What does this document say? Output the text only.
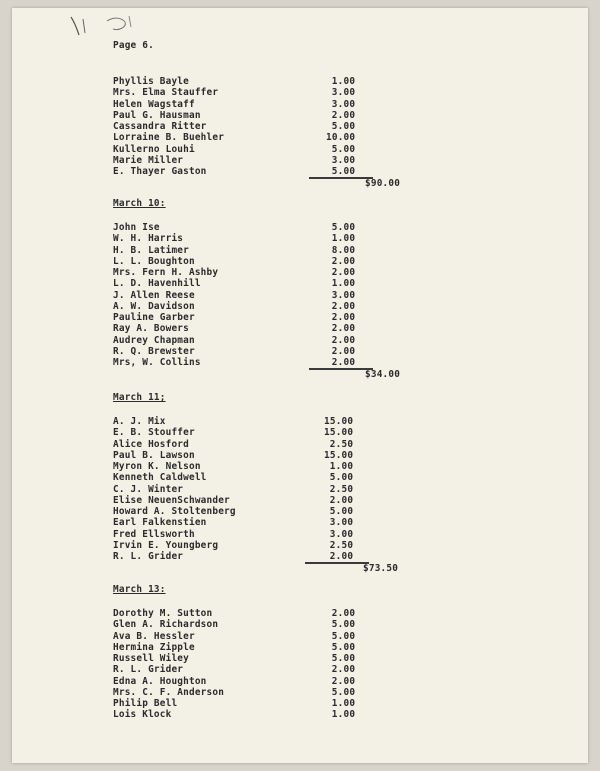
Page 6.
Phyllis Bayle	1.00
Mrs. Elma Stauffer	3.00
Helen Wagstaff	3.00
Paul G. Hausman	2.00
Cassandra Ritter	5.00
Lorraine B. Buehler	10.00
Kullerno Louhi	5.00
Marie Miller	3.00
E. Thayer Gaston	5.00
$90.00
March 10:
John Ise	5.00
W. H. Harris	1.00
H. B. Latimer	8.00
L. L. Boughton	2.00
Mrs. Fern H. Ashby	2.00
L. D. Havenhill	1.00
J. Allen Reese	3.00
A. W. Davidson	2.00
Pauline Garber	2.00
Ray A. Bowers	2.00
Audrey Chapman	2.00
R. Q. Brewster	2.00
Mrs, W. Collins	2.00
$34.00
March 11;
A. J. Mix	15.00
E. B. Stouffer	15.00
Alice Hosford	2.50
Paul B. Lawson	15.00
Myron K. Nelson	1.00
Kenneth Caldwell	5.00
C. J. Winter	2.50
Elise NeuenSchwander	2.00
Howard A. Stoltenberg	5.00
Earl Falkenstien	3.00
Fred Ellsworth	3.00
Irvin E. Youngberg	2.50
R. L. Grider	2.00
$73.50
March 13:
Dorothy M. Sutton	2.00
Glen A. Richardson	5.00
Ava B. Hessler	5.00
Hermina Zipple	5.00
Russell Wiley	5.00
R. L. Grider	2.00
Edna A. Houghton	2.00
Mrs. C. F. Anderson	5.00
Philip Bell	1.00
Lois Klock	1.00
